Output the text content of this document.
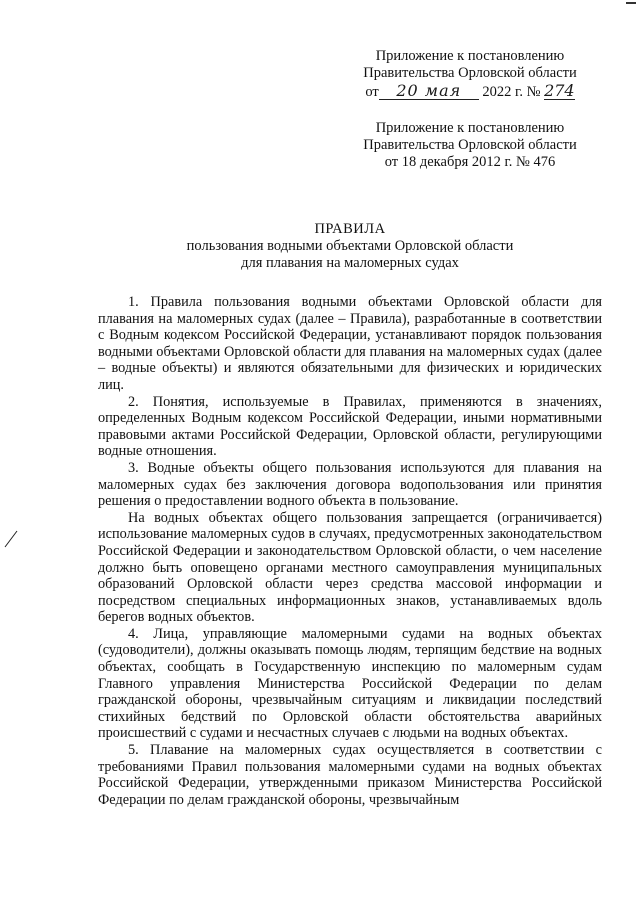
Приложение к постановлению
Правительства Орловской области
от 20 мая 2022 г. № 274
Приложение к постановлению
Правительства Орловской области
от 18 декабря 2012 г. № 476
ПРАВИЛА
пользования водными объектами Орловской области
для плавания на маломерных судах

1. Правила пользования водными объектами Орловской области для плавания на маломерных судах (далее – Правила), разработанные в соответствии с Водным кодексом Российской Федерации, устанавливают порядок пользования водными объектами Орловской области для плавания на маломерных судах (далее – водные объекты) и являются обязательными для физических и юридических лиц.

2. Понятия, используемые в Правилах, применяются в значениях, определенных Водным кодексом Российской Федерации, иными нормативными правовыми актами Российской Федерации, Орловской области, регулирующими водные отношения.

3. Водные объекты общего пользования используются для плавания на маломерных судах без заключения договора водопользования или принятия решения о предоставлении водного объекта в пользование.

На водных объектах общего пользования запрещается (ограничивается) использование маломерных судов в случаях, предусмотренных законодательством Российской Федерации и законодательством Орловской области, о чем население должно быть оповещено органами местного самоуправления муниципальных образований Орловской области через средства массовой информации и посредством специальных информационных знаков, устанавливаемых вдоль берегов водных объектов.

4. Лица, управляющие маломерными судами на водных объектах (судоводители), должны оказывать помощь людям, терпящим бедствие на водных объектах, сообщать в Государственную инспекцию по маломерным судам Главного управления Министерства Российской Федерации по делам гражданской обороны, чрезвычайным ситуациям и ликвидации последствий стихийных бедствий по Орловской области обстоятельства аварийных происшествий с судами и несчастных случаев с людьми на водных объектах.

5. Плавание на маломерных судах осуществляется в соответствии с требованиями Правил пользования маломерными судами на водных объектах Российской Федерации, утвержденными приказом Министерства Российской Федерации по делам гражданской обороны, чрезвычайным
